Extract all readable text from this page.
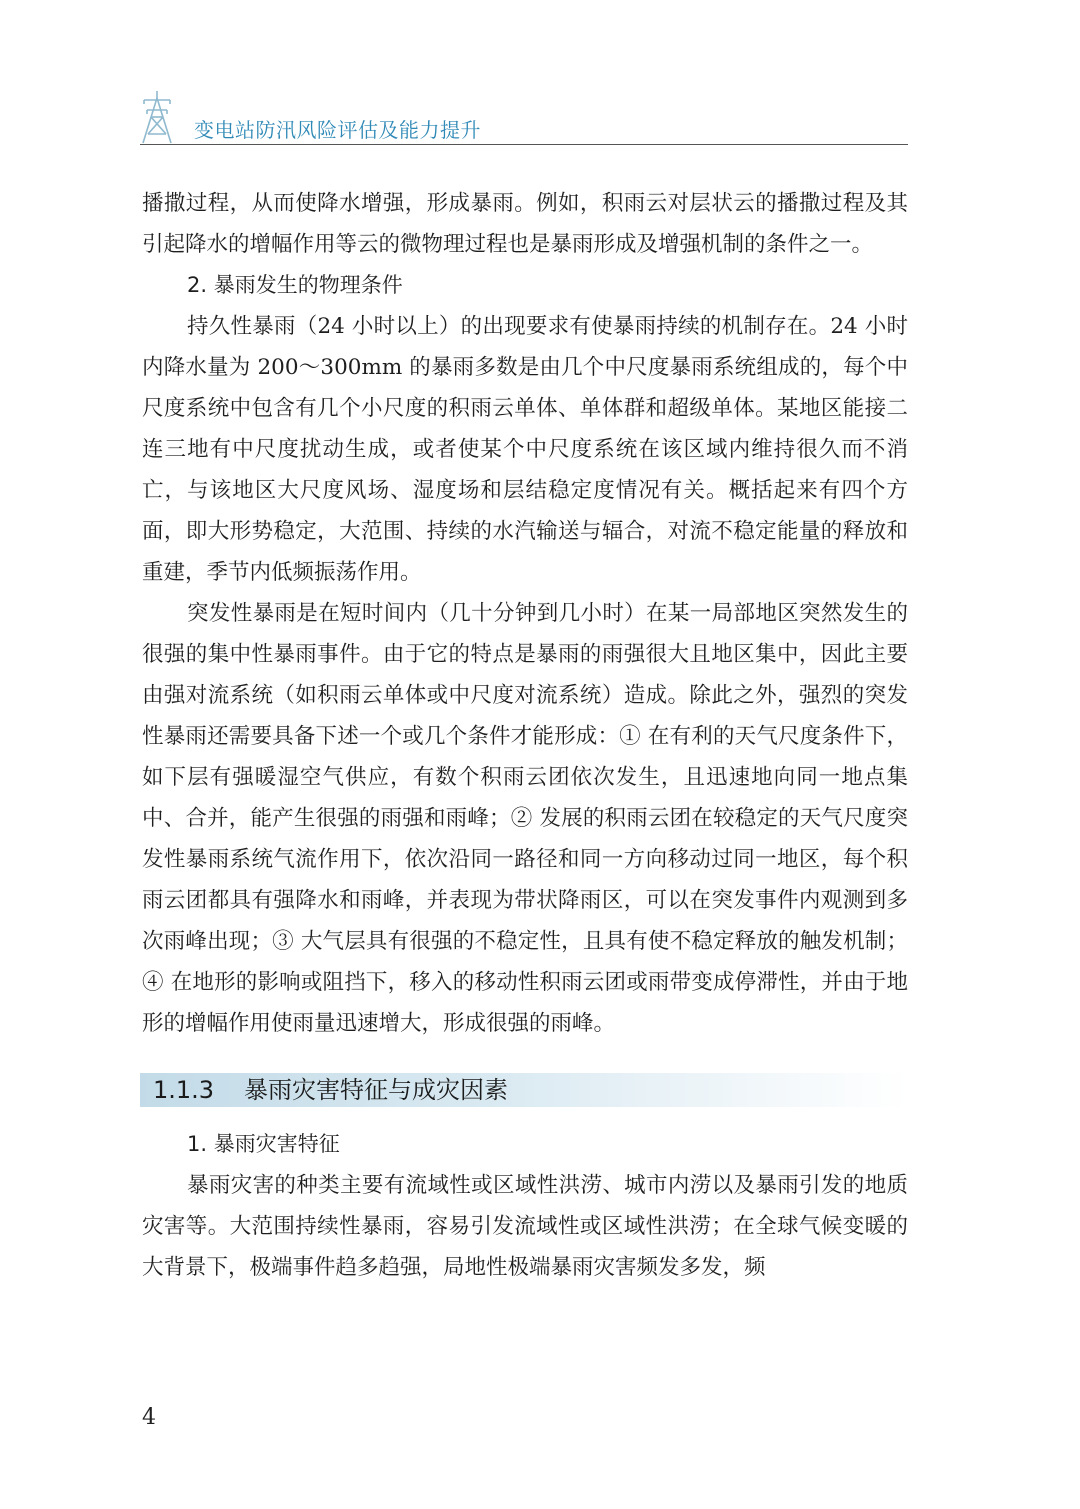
变电站防汛风险评估及能力提升

播撒过程，从而使降水增强，形成暴雨。例如，积雨云对层状云的播撒过程及其引起降水的增幅作用等云的微物理过程也是暴雨形成及增强机制的条件之一。

2. 暴雨发生的物理条件

持久性暴雨（24 小时以上）的出现要求有使暴雨持续的机制存在。24 小时内降水量为 200～300mm 的暴雨多数是由几个中尺度暴雨系统组成的，每个中尺度系统中包含有几个小尺度的积雨云单体、单体群和超级单体。某地区能接二连三地有中尺度扰动生成，或者使某个中尺度系统在该区域内维持很久而不消亡，与该地区大尺度风场、湿度场和层结稳定度情况有关。概括起来有四个方面，即大形势稳定，大范围、持续的水汽输送与辐合，对流不稳定能量的释放和重建，季节内低频振荡作用。

突发性暴雨是在短时间内（几十分钟到几小时）在某一局部地区突然发生的很强的集中性暴雨事件。由于它的特点是暴雨的雨强很大且地区集中，因此主要由强对流系统（如积雨云单体或中尺度对流系统）造成。除此之外，强烈的突发性暴雨还需要具备下述一个或几个条件才能形成：① 在有利的天气尺度条件下，如下层有强暖湿空气供应，有数个积雨云团依次发生，且迅速地向同一地点集中、合并，能产生很强的雨强和雨峰；② 发展的积雨云团在较稳定的天气尺度突发性暴雨系统气流作用下，依次沿同一路径和同一方向移动过同一地区，每个积雨云团都具有强降水和雨峰，并表现为带状降雨区，可以在突发事件内观测到多次雨峰出现；③ 大气层具有很强的不稳定性，且具有使不稳定释放的触发机制；④ 在地形的影响或阻挡下，移入的移动性积雨云团或雨带变成停滞性，并由于地形的增幅作用使雨量迅速增大，形成很强的雨峰。

1.1.3 暴雨灾害特征与成灾因素
1. 暴雨灾害特征

暴雨灾害的种类主要有流域性或区域性洪涝、城市内涝以及暴雨引发的地质灾害等。大范围持续性暴雨，容易引发流域性或区域性洪涝；在全球气候变暖的大背景下，极端事件趋多趋强，局地性极端暴雨灾害频发多发，频

4
